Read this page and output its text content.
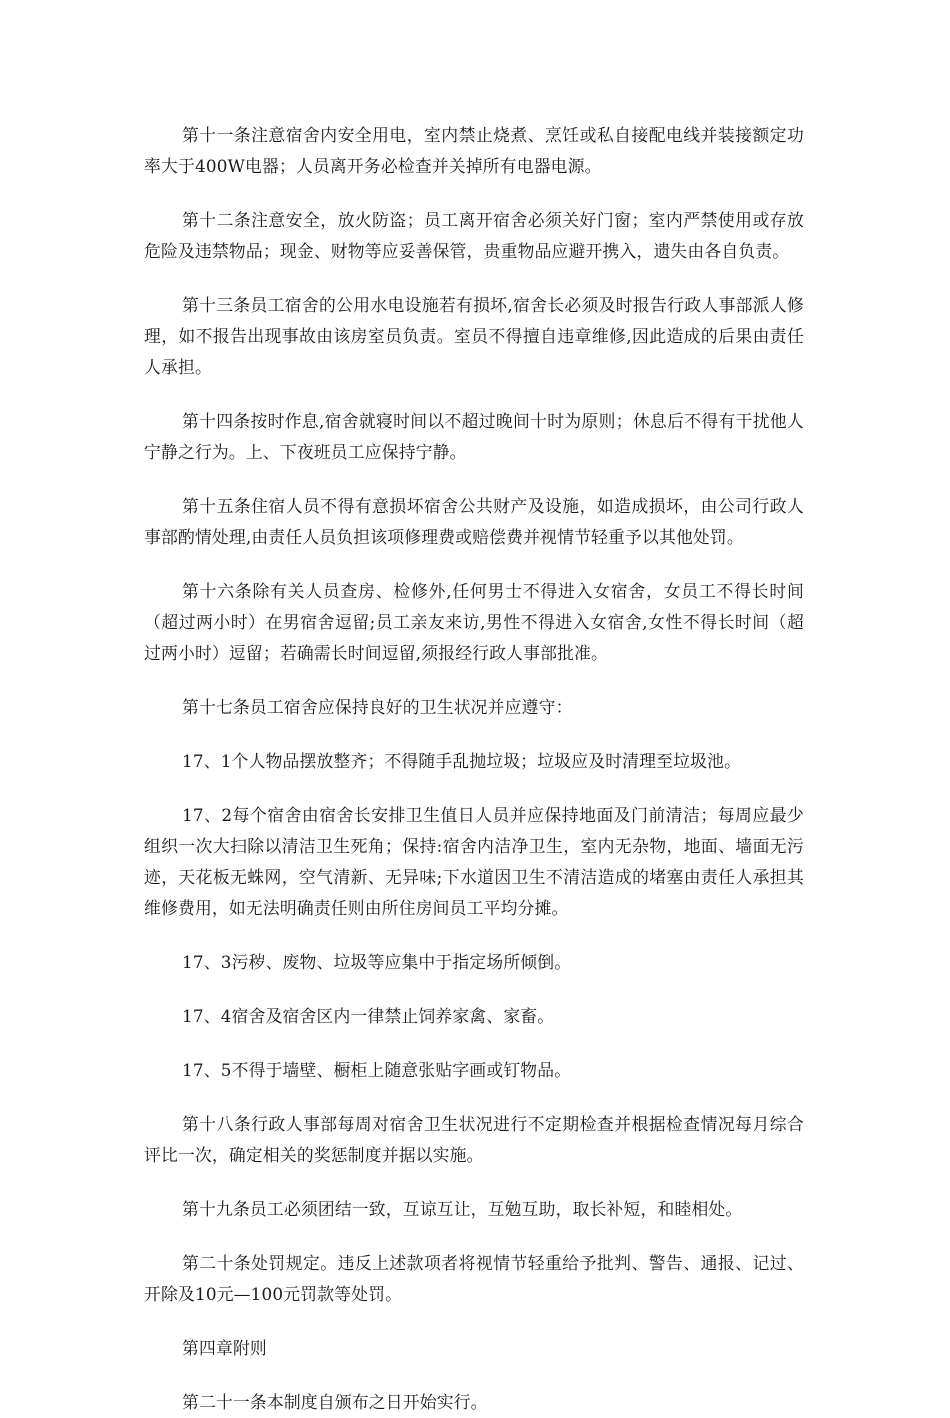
第十一条注意宿舍内安全用电，室内禁止烧煮、烹饪或私自接配电线并装接额定功率大于400W电器；人员离开务必检查并关掉所有电器电源。

第十二条注意安全，放火防盗；员工离开宿舍必须关好门窗；室内严禁使用或存放危险及违禁物品；现金、财物等应妥善保管，贵重物品应避开携入，遗失由各自负责。

第十三条员工宿舍的公用水电设施若有损坏,宿舍长必须及时报告行政人事部派人修理，如不报告出现事故由该房室员负责。室员不得擅自违章维修,因此造成的后果由责任人承担。

第十四条按时作息,宿舍就寝时间以不超过晚间十时为原则；休息后不得有干扰他人宁静之行为。上、下夜班员工应保持宁静。

第十五条住宿人员不得有意损坏宿舍公共财产及设施，如造成损坏，由公司行政人事部酌情处理,由责任人员负担该项修理费或赔偿费并视情节轻重予以其他处罚。

第十六条除有关人员查房、检修外,任何男士不得进入女宿舍，女员工不得长时间（超过两小时）在男宿舍逗留;员工亲友来访,男性不得进入女宿舍,女性不得长时间（超过两小时）逗留；若确需长时间逗留,须报经行政人事部批准。

第十七条员工宿舍应保持良好的卫生状况并应遵守：

17、1个人物品摆放整齐；不得随手乱抛垃圾；垃圾应及时清理至垃圾池。

17、2每个宿舍由宿舍长安排卫生值日人员并应保持地面及门前清洁；每周应最少组织一次大扫除以清洁卫生死角；保持:宿舍内洁净卫生，室内无杂物，地面、墙面无污迹，天花板无蛛网，空气清新、无异味;下水道因卫生不清洁造成的堵塞由责任人承担其维修费用，如无法明确责任则由所住房间员工平均分摊。

17、3污秽、废物、垃圾等应集中于指定场所倾倒。

17、4宿舍及宿舍区内一律禁止饲养家禽、家畜。

17、5不得于墙壁、橱柜上随意张贴字画或钉物品。

第十八条行政人事部每周对宿舍卫生状况进行不定期检查并根据检查情况每月综合评比一次，确定相关的奖惩制度并据以实施。

第十九条员工必须团结一致，互谅互让，互勉互助，取长补短，和睦相处。

第二十条处罚规定。违反上述款项者将视情节轻重给予批判、警告、通报、记过、开除及10元—100元罚款等处罚。

第四章附则

第二十一条本制度自颁布之日开始实行。
